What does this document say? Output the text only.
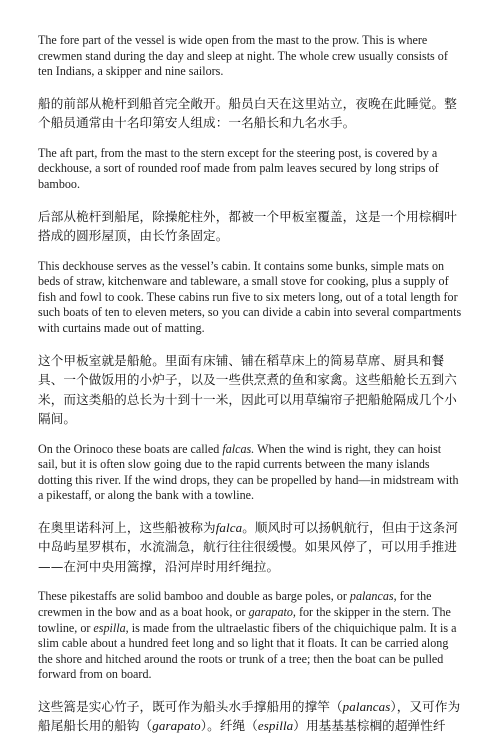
The fore part of the vessel is wide open from the mast to the prow. This is where crewmen stand during the day and sleep at night. The whole crew usually consists of ten Indians, a skipper and nine sailors.

船的前部从桅杆到船首完全敞开。船员白天在这里站立，夜晚在此睡觉。整个船员通常由十名印第安人组成：一名船长和九名水手。

The aft part, from the mast to the stern except for the steering post, is covered by a deckhouse, a sort of rounded roof made from palm leaves secured by long strips of bamboo.

后部从桅杆到船尾，除操舵柱外，都被一个甲板室覆盖，这是一个用棕榈叶搭成的圆形屋顶，由长竹条固定。

This deckhouse serves as the vessel’s cabin. It contains some bunks, simple mats on beds of straw, kitchenware and tableware, a small stove for cooking, plus a supply of fish and fowl to cook. These cabins run five to six meters long, out of a total length for such boats of ten to eleven meters, so you can divide a cabin into several compartments with curtains made out of matting.

这个甲板室就是船舱。里面有床铺、铺在稻草床上的简易草席、厨具和餐具、一个做饭用的小炉子，以及一些供烹煮的鱼和家禽。这些船舱长五到六米，而这类船的总长为十到十一米，因此可以用草编帘子把船舱隔成几个小隔间。

On the Orinoco these boats are called falcas. When the wind is right, they can hoist sail, but it is often slow going due to the rapid currents between the many islands dotting this river. If the wind drops, they can be propelled by hand—in midstream with a pikestaff, or along the bank with a towline.

在奥里诺科河上，这些船被称为falca。顺风时可以扬帆航行，但由于这条河中岛屿星罗棋布，水流湍急，航行往往很缓慢。如果风停了，可以用手推进——在河中央用篙撑，沿河岸时用纤绳拉。

These pikestaffs are solid bamboo and double as barge poles, or palancas, for the crewmen in the bow and as a boat hook, or garapato, for the skipper in the stern. The towline, or espilla, is made from the ultraelastic fibers of the chiquichique palm. It is a slim cable about a hundred feet long and so light that it floats. It can be carried along the shore and hitched around the roots or trunk of a tree; then the boat can be pulled forward from on board.

这些篙是实心竹子，既可作为船头水手撑船用的撑竿（palancas），又可作为船尾船长用的船钩（garapato）。纤绳（espilla）用基基基棕榈的超弹性纤
